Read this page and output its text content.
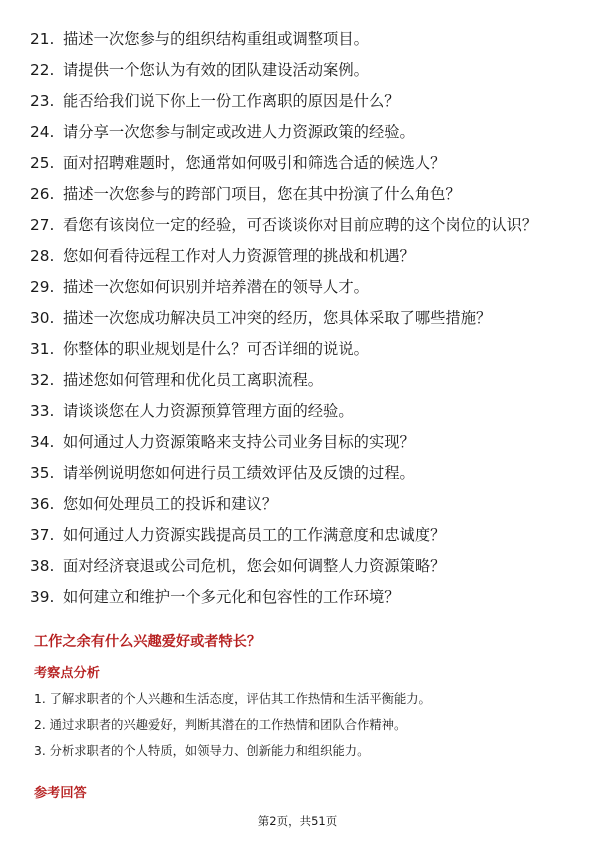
21. 描述一次您参与的组织结构重组或调整项目。

22. 请提供一个您认为有效的团队建设活动案例。

23. 能否给我们说下你上一份工作离职的原因是什么？

24. 请分享一次您参与制定或改进人力资源政策的经验。

25. 面对招聘难题时，您通常如何吸引和筛选合适的候选人？

26. 描述一次您参与的跨部门项目，您在其中扮演了什么角色？

27. 看您有该岗位一定的经验，可否谈谈你对目前应聘的这个岗位的认识？

28. 您如何看待远程工作对人力资源管理的挑战和机遇？

29. 描述一次您如何识别并培养潜在的领导人才。

30. 描述一次您成功解决员工冲突的经历，您具体采取了哪些措施？

31. 你整体的职业规划是什么？可否详细的说说。

32. 描述您如何管理和优化员工离职流程。

33. 请谈谈您在人力资源预算管理方面的经验。

34. 如何通过人力资源策略来支持公司业务目标的实现？

35. 请举例说明您如何进行员工绩效评估及反馈的过程。

36. 您如何处理员工的投诉和建议？

37. 如何通过人力资源实践提高员工的工作满意度和忠诚度？

38. 面对经济衰退或公司危机，您会如何调整人力资源策略？

39. 如何建立和维护一个多元化和包容性的工作环境？

工作之余有什么兴趣爱好或者特长？
考察点分析

1. 了解求职者的个人兴趣和生活态度，评估其工作热情和生活平衡能力。

2. 通过求职者的兴趣爱好，判断其潜在的工作热情和团队合作精神。

3. 分析求职者的个人特质，如领导力、创新能力和组织能力。

参考回答
第2页，共51页
